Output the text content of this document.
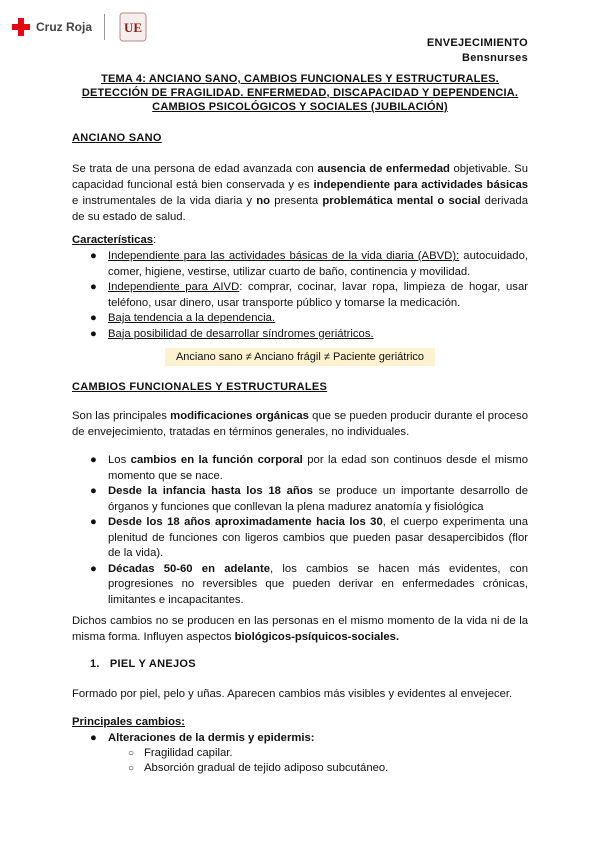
Cruz Roja UE
ENVEJECIMIENTO
Bensnurses
TEMA 4: ANCIANO SANO, CAMBIOS FUNCIONALES Y ESTRUCTURALES.
DETECCIÓN DE FRAGILIDAD. ENFERMEDAD, DISCAPACIDAD Y DEPENDENCIA.
CAMBIOS PSICOLÓGICOS Y SOCIALES (JUBILACIÓN)
ANCIANO SANO
Se trata de una persona de edad avanzada con ausencia de enfermedad objetivable. Su capacidad funcional está bien conservada y es independiente para actividades básicas e instrumentales de la vida diaria y no presenta problemática mental o social derivada de su estado de salud.
Características:
● Independiente para las actividades básicas de la vida diaria (ABVD): autocuidado, comer, higiene, vestirse, utilizar cuarto de baño, continencia y movilidad.
● Independiente para AIVD: comprar, cocinar, lavar ropa, limpieza de hogar, usar teléfono, usar dinero, usar transporte público y tomarse la medicación.
● Baja tendencia a la dependencia.
● Baja posibilidad de desarrollar síndromes geriátricos.
Anciano sano ≠ Anciano frágil ≠ Paciente geriátrico
CAMBIOS FUNCIONALES Y ESTRUCTURALES
Son las principales modificaciones orgánicas que se pueden producir durante el proceso de envejecimiento, tratadas en términos generales, no individuales.
● Los cambios en la función corporal por la edad son continuos desde el mismo momento que se nace.
● Desde la infancia hasta los 18 años se produce un importante desarrollo de órganos y funciones que conllevan la plena madurez anatomía y fisiológica
● Desde los 18 años aproximadamente hacia los 30, el cuerpo experimenta una plenitud de funciones con ligeros cambios que pueden pasar desapercibidos (flor de la vida).
● Décadas 50-60 en adelante, los cambios se hacen más evidentes, con progresiones no reversibles que pueden derivar en enfermedades crónicas, limitantes e incapacitantes.
Dichos cambios no se producen en las personas en el mismo momento de la vida ni de la misma forma. Influyen aspectos biológicos-psíquicos-sociales.
1. PIEL Y ANEJOS
Formado por piel, pelo y uñas. Aparecen cambios más visibles y evidentes al envejecer.
Principales cambios:
● Alteraciones de la dermis y epidermis:
○ Fragilidad capilar.
○ Absorción gradual de tejido adiposo subcutáneo.
